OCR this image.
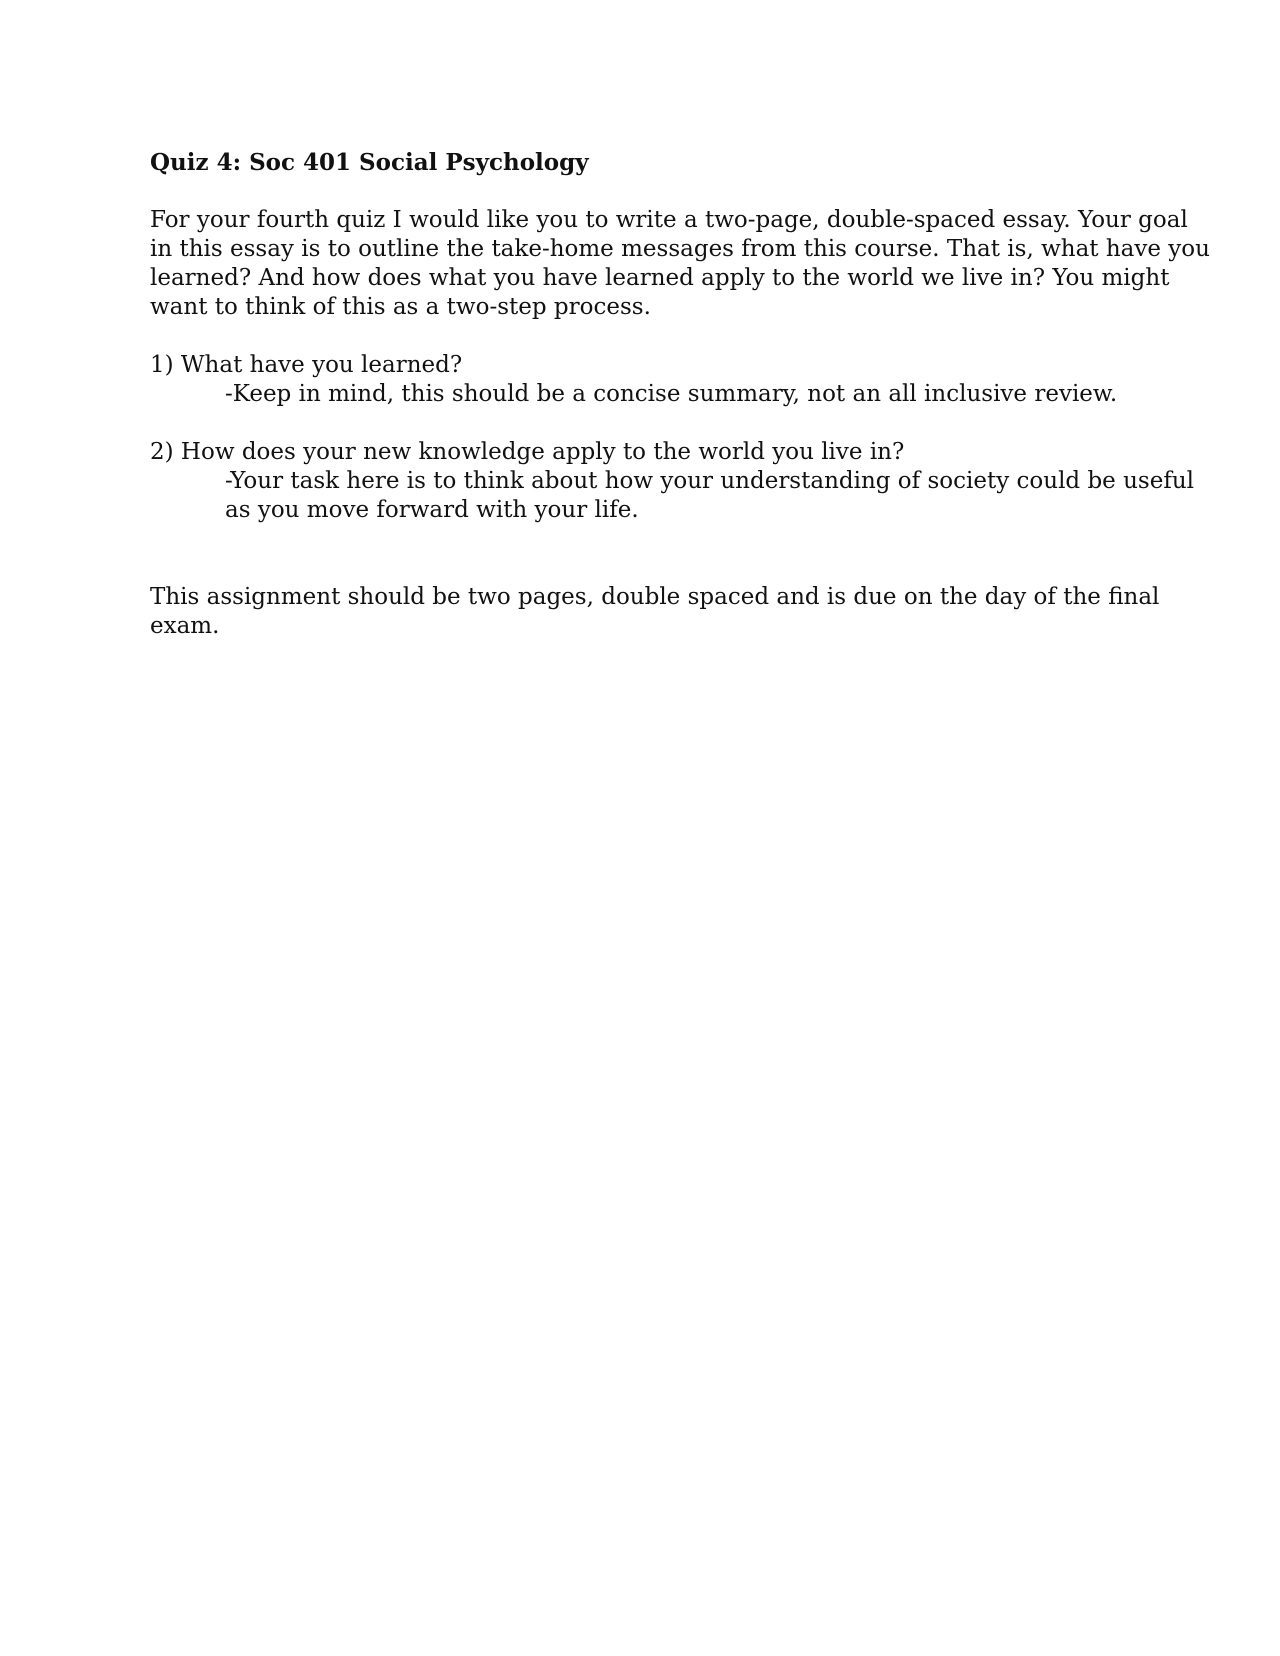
Quiz 4: Soc 401 Social Psychology

For your fourth quiz I would like you to write a two-page, double-spaced essay. Your goal
in this essay is to outline the take-home messages from this course. That is, what have you
learned? And how does what you have learned apply to the world we live in? You might
want to think of this as a two-step process.

1) What have you learned?

-Keep in mind, this should be a concise summary, not an all inclusive review.

2) How does your new knowledge apply to the world you live in?

-Your task here is to think about how your understanding of society could be useful
as you move forward with your life.

This assignment should be two pages, double spaced and is due on the day of the final
exam.
